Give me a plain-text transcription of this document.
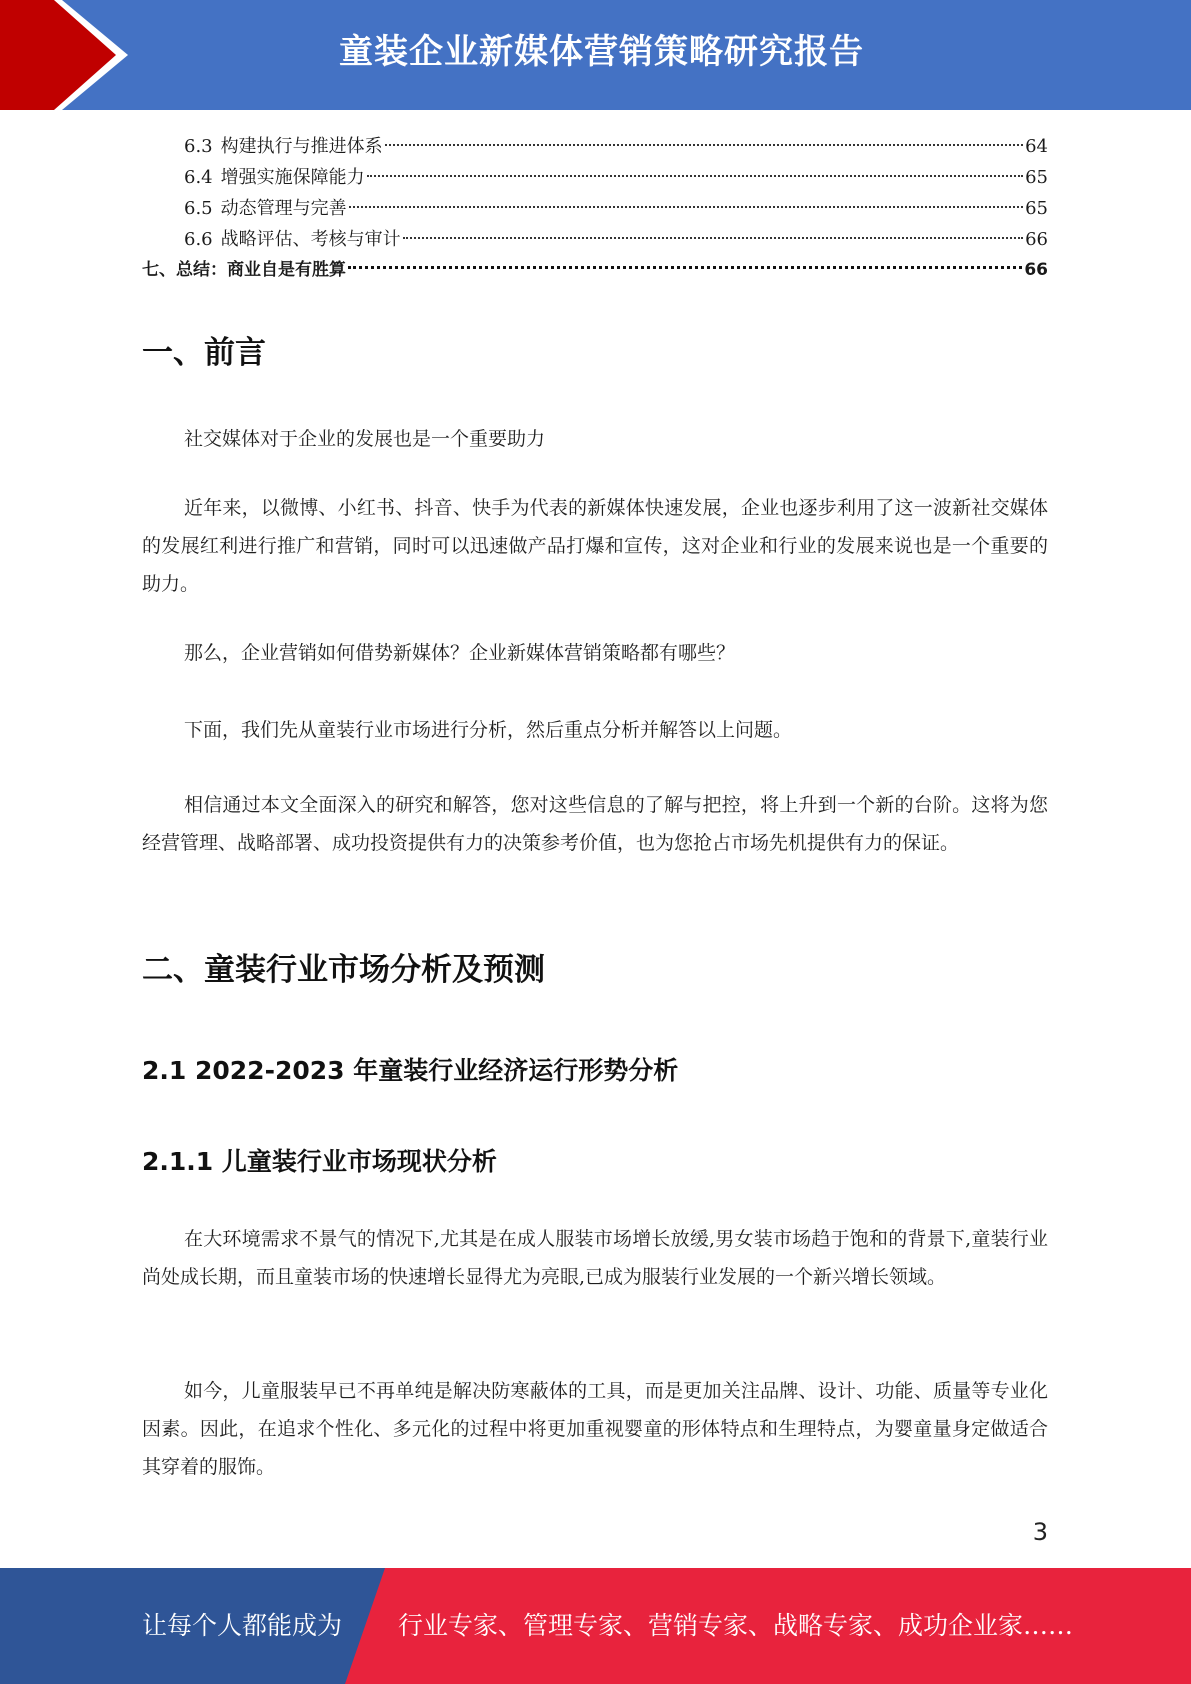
童装企业新媒体营销策略研究报告
6.3 构建执行与推进体系	64
6.4 增强实施保障能力	65
6.5 动态管理与完善	65
6.6 战略评估、考核与审计	66
七、总结：商业自是有胜算	66
一、前言
社交媒体对于企业的发展也是一个重要助力
近年来，以微博、小红书、抖音、快手为代表的新媒体快速发展，企业也逐步利用了这一波新社交媒体的发展红利进行推广和营销，同时可以迅速做产品打爆和宣传，这对企业和行业的发展来说也是一个重要的助力。
那么，企业营销如何借势新媒体？企业新媒体营销策略都有哪些？
下面，我们先从童装行业市场进行分析，然后重点分析并解答以上问题。
相信通过本文全面深入的研究和解答，您对这些信息的了解与把控，将上升到一个新的台阶。这将为您经营管理、战略部署、成功投资提供有力的决策参考价值，也为您抢占市场先机提供有力的保证。
二、童装行业市场分析及预测
2.1 2022-2023 年童装行业经济运行形势分析
2.1.1 儿童装行业市场现状分析
在大环境需求不景气的情况下,尤其是在成人服装市场增长放缓,男女装市场趋于饱和的背景下,童装行业尚处成长期，而且童装市场的快速增长显得尤为亮眼,已成为服装行业发展的一个新兴增长领域。
如今，儿童服装早已不再单纯是解决防寒蔽体的工具，而是更加关注品牌、设计、功能、质量等专业化因素。因此，在追求个性化、多元化的过程中将更加重视婴童的形体特点和生理特点，为婴童量身定做适合其穿着的服饰。
3
让每个人都能成为 行业专家、管理专家、营销专家、战略专家、成功企业家……
